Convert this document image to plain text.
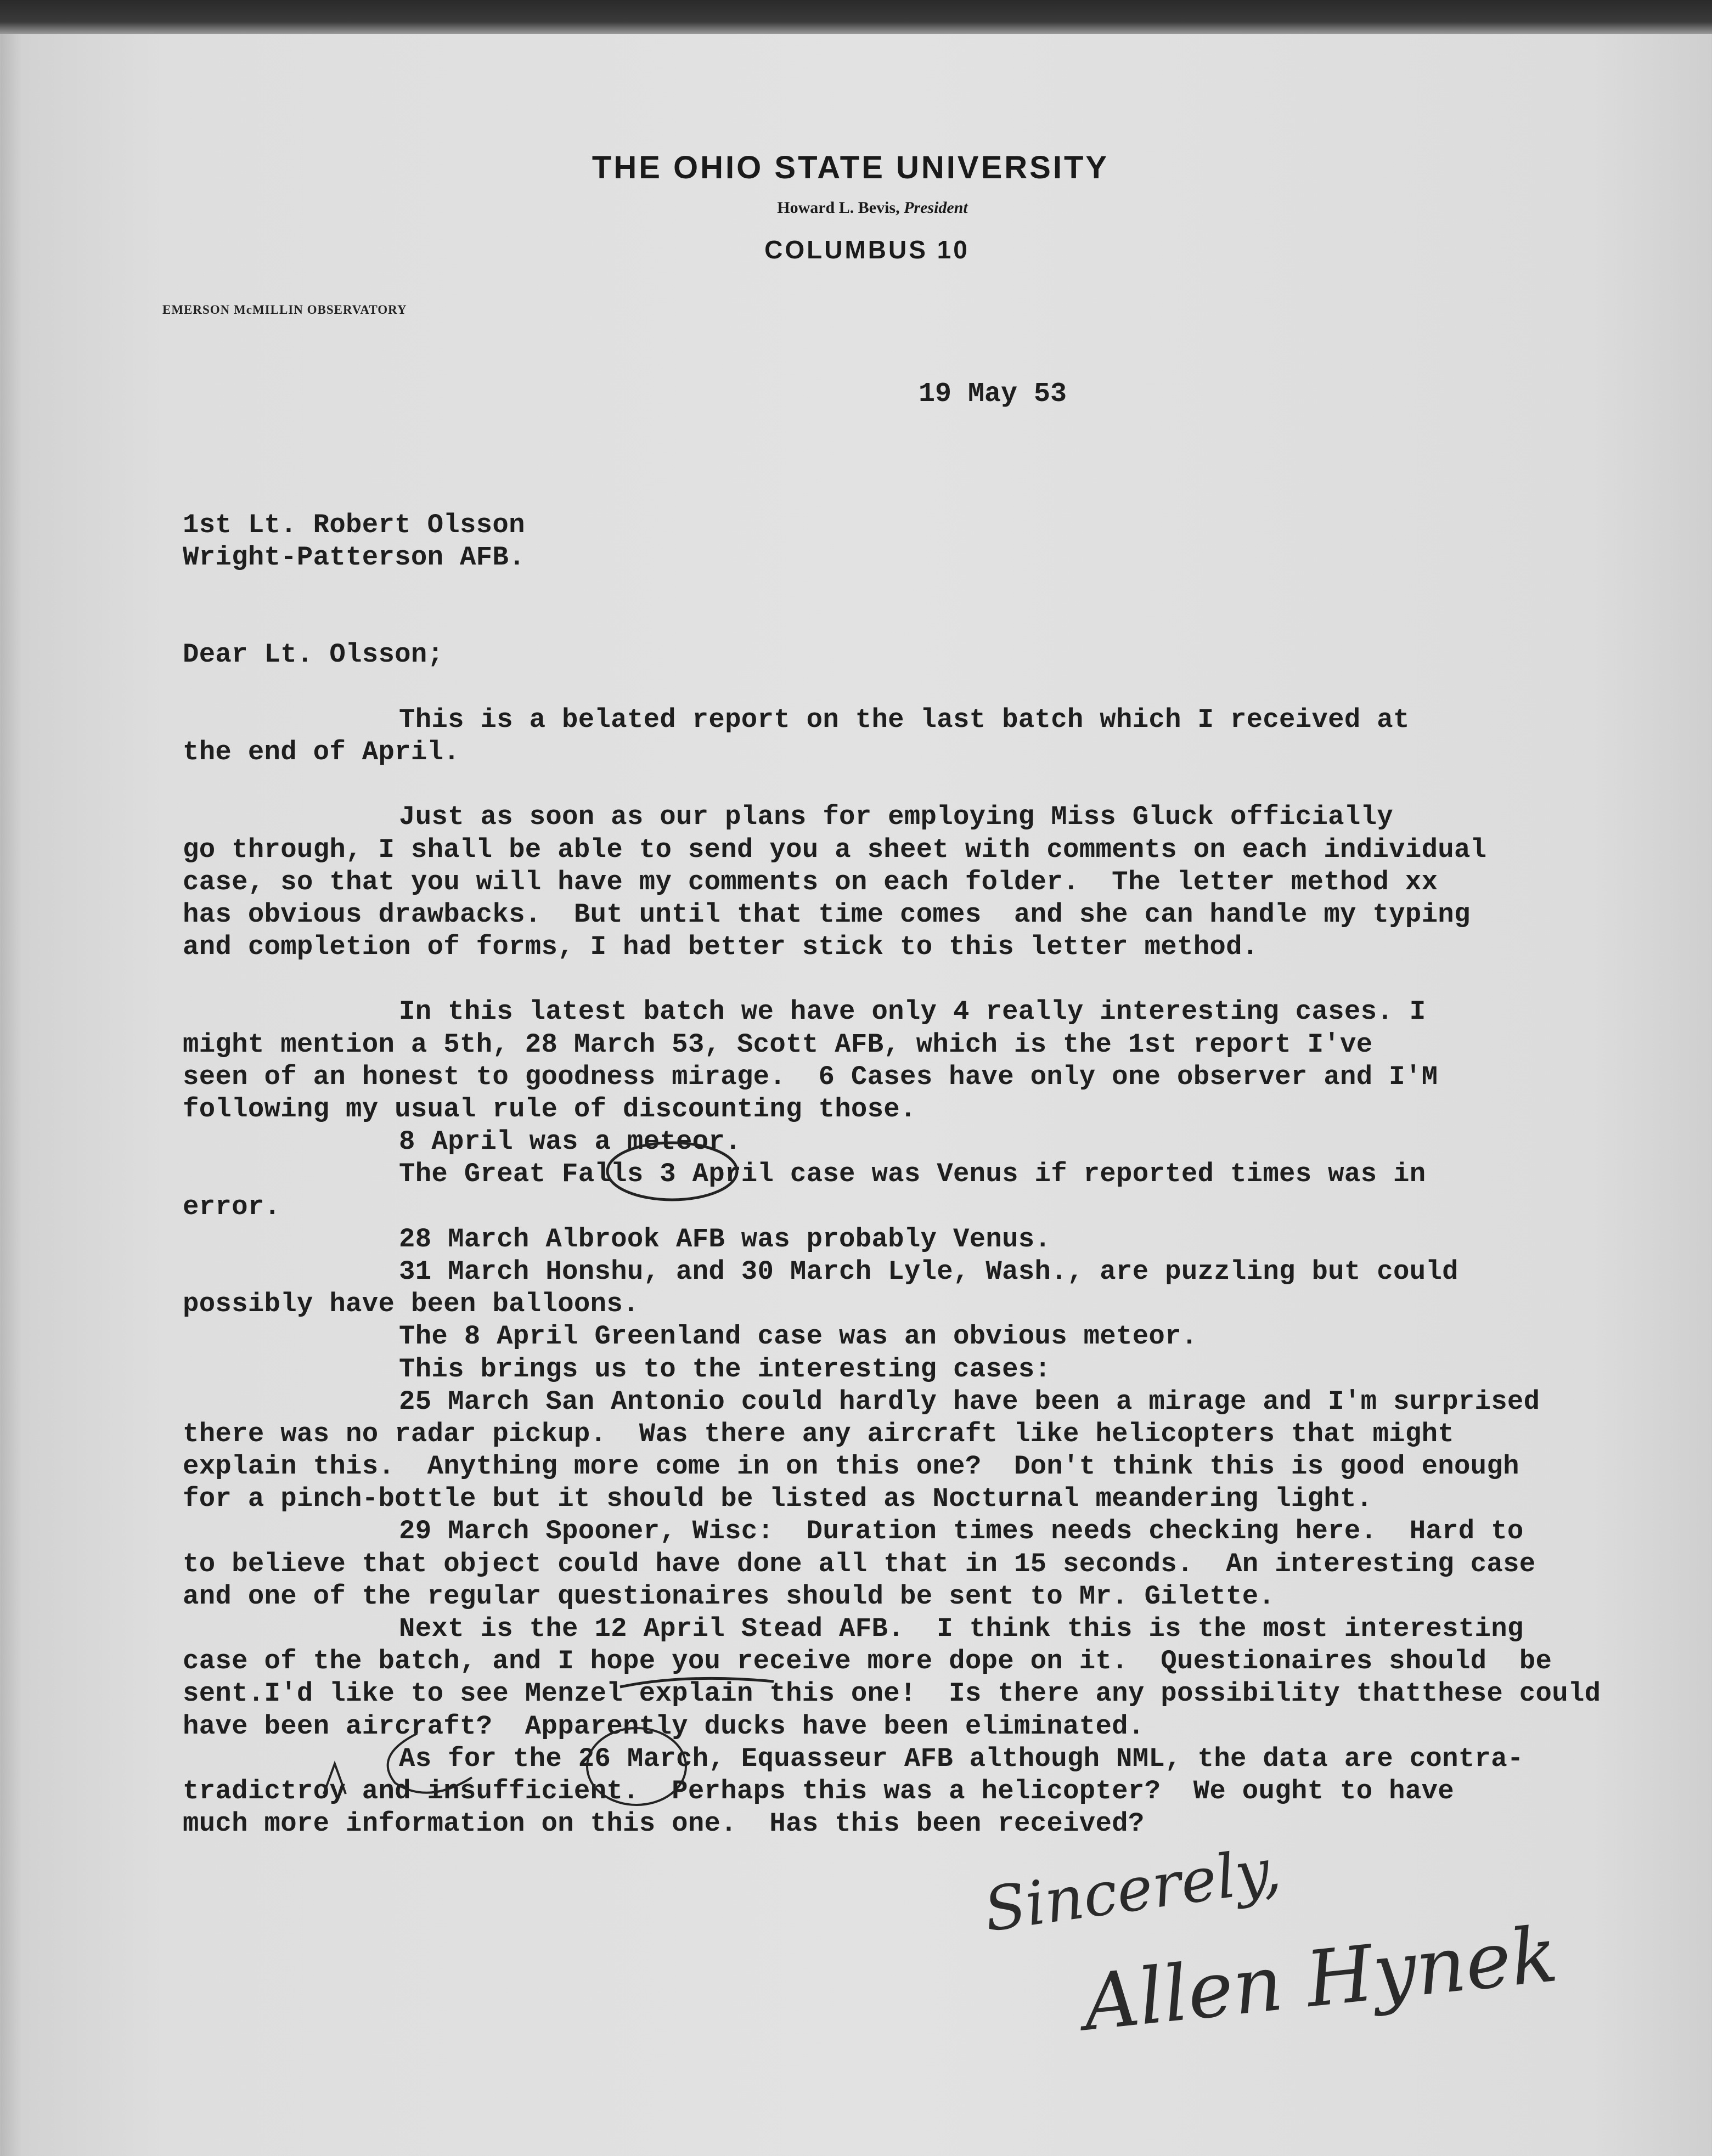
THE OHIO STATE UNIVERSITY
Howard L. Bevis, President
COLUMBUS 10
EMERSON McMILLIN OBSERVATORY
19 May 53
1st Lt. Robert Olsson
Wright-Patterson AFB.
Dear Lt. Olsson;
This is a belated report on the last batch which I received at
the end of April.
Just as soon as our plans for employing Miss Gluck officially
go through, I shall be able to send you a sheet with comments on each individual
case, so that you will have my comments on each folder.  The letter method xx
has obvious drawbacks.  But until that time comes  and she can handle my typing
and completion of forms, I had better stick to this letter method.
In this latest batch we have only 4 really interesting cases. I
might mention a 5th, 28 March 53, Scott AFB, which is the 1st report I've
seen of an honest to goodness mirage.  6 Cases have only one observer and I'M
following my usual rule of discounting those.
8 April was a meteor.
The Great Falls 3 April case was Venus if reported times was in
error.
28 March Albrook AFB was probably Venus.
31 March Honshu, and 30 March Lyle, Wash., are puzzling but could
possibly have been balloons.
The 8 April Greenland case was an obvious meteor.
This brings us to the interesting cases:
25 March San Antonio could hardly have been a mirage and I'm surprised
there was no radar pickup.  Was there any aircraft like helicopters that might
explain this.  Anything more come in on this one?  Don't think this is good enough
for a pinch-bottle but it should be listed as Nocturnal meandering light.
29 March Spooner, Wisc:  Duration times needs checking here.  Hard to
to believe that object could have done all that in 15 seconds.  An interesting case
and one of the regular questionaires should be sent to Mr. Gilette.
Next is the 12 April Stead AFB.  I think this is the most interesting
case of the batch, and I hope you receive more dope on it.  Questionaires should  be
sent.I'd like to see Menzel explain this one!  Is there any possibility thatthese could
have been aircraft?  Apparently ducks have been eliminated.
As for the 26 March, Equasseur AFB although NML, the data are contra-
tradictroy and insufficient.  Perhaps this was a helicopter?  We ought to have
much more information on this one.  Has this been received?
Sincerely,
Allen Hynek
